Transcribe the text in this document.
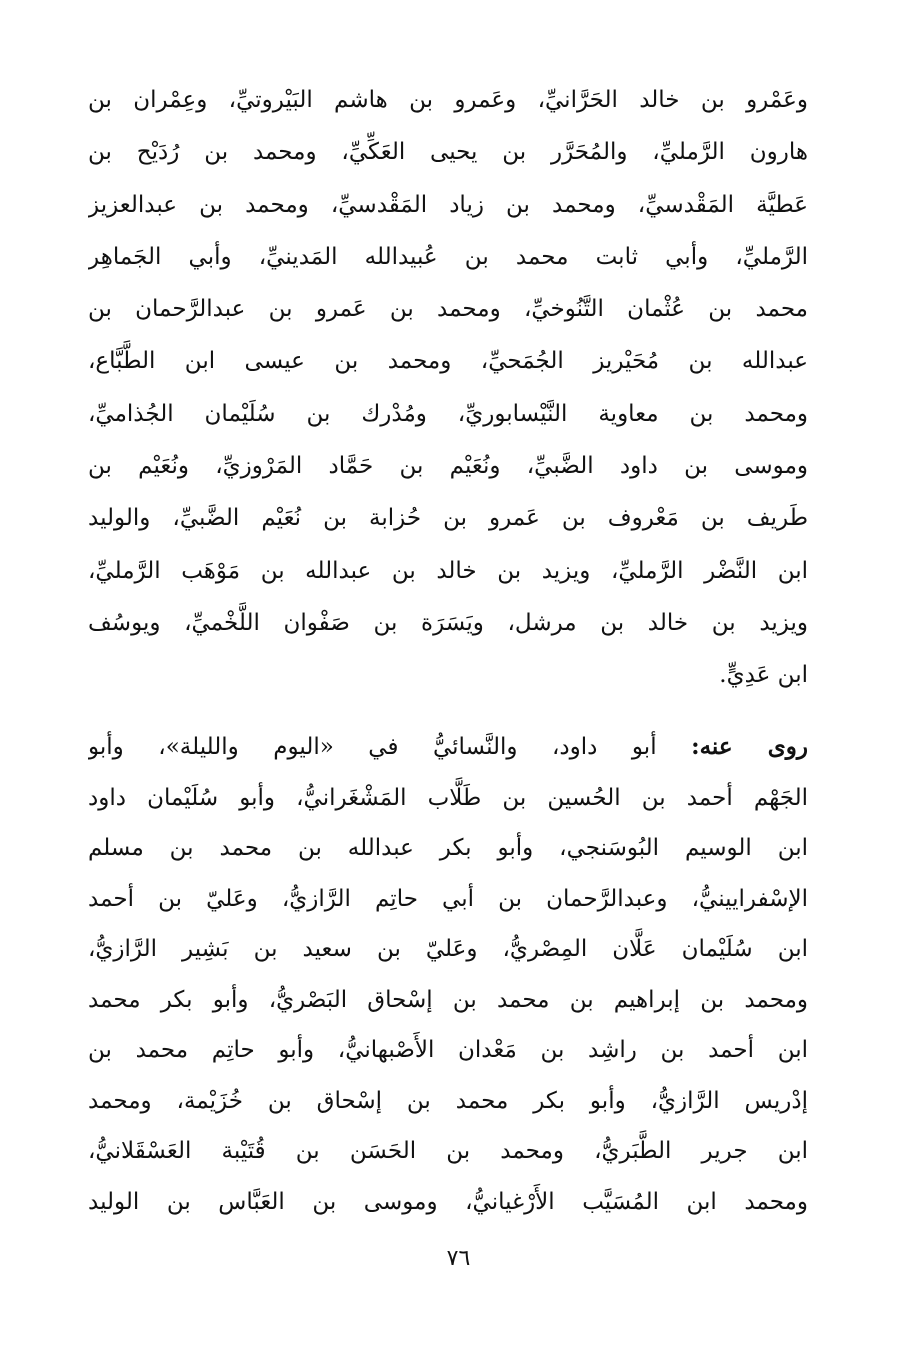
وعَمْرو بن خالد الحَرَّانيِّ، وعَمرو بن هاشم البَيْروتيِّ، وعِمْران بن
هارون الرَّمليِّ، والمُحَرَّر بن يحيى العَكِّيِّ، ومحمد بن رُدَيْح بن
عَطيَّة المَقْدسيِّ، ومحمد بن زياد المَقْدسيِّ، ومحمد بن عبدالعزيز
الرَّمليِّ، وأبي ثابت محمد بن عُبيدالله المَدينيِّ، وأبي الجَماهِر
محمد بن عُثْمان التَّنُوخيِّ، ومحمد بن عَمرو بن عبدالرَّحمان بن
عبدالله بن مُحَيْريز الجُمَحيِّ، ومحمد بن عيسى ابن الطَّبَّاع،
ومحمد بن معاوية النَّيْسابوريِّ، ومُدْرك بن سُلَيْمان الجُذاميِّ،
وموسى بن داود الضَّبيِّ، ونُعَيْم بن حَمَّاد المَرْوزيِّ، ونُعَيْم بن
طَريف بن مَعْروف بن عَمرو بن حُزابة بن نُعَيْم الضَّبيِّ، والوليد
ابن النَّضْر الرَّمليِّ، ويزيد بن خالد بن عبدالله بن مَوْهَب الرَّمليِّ،
ويزيد بن خالد بن مرشل، ويَسَرَة بن صَفْوان اللَّخْميِّ، ويوسُف
ابن عَدِيٍّ.
روى عنه: أبو داود، والنَّسائيُّ في «اليوم والليلة»، وأبو
الجَهْم أحمد بن الحُسين بن طَلَّاب المَشْغَرانيُّ، وأبو سُلَيْمان داود
ابن الوسيم البُوسَنجي، وأبو بكر عبدالله بن محمد بن مسلم
الإسْفرايينيُّ، وعبدالرَّحمان بن أبي حاتِم الرَّازيُّ، وعَليّ بن أحمد
ابن سُلَيْمان عَلَّان المِصْريُّ، وعَليّ بن سعيد بن بَشِير الرَّازيُّ،
ومحمد بن إبراهيم بن محمد بن إسْحاق البَصْريُّ، وأبو بكر محمد
ابن أحمد بن راشِد بن مَعْدان الأَصْبهانيُّ، وأبو حاتِم محمد بن
إدْريس الرَّازيُّ، وأبو بكر محمد بن إسْحاق بن خُزَيْمة، ومحمد
ابن جرير الطَّبَريُّ، ومحمد بن الحَسَن بن قُتَيْبة العَسْقَلانيُّ،
ومحمد ابن المُسَيَّب الأَرْغيانيُّ، وموسى بن العَبَّاس بن الوليد
٧٦
